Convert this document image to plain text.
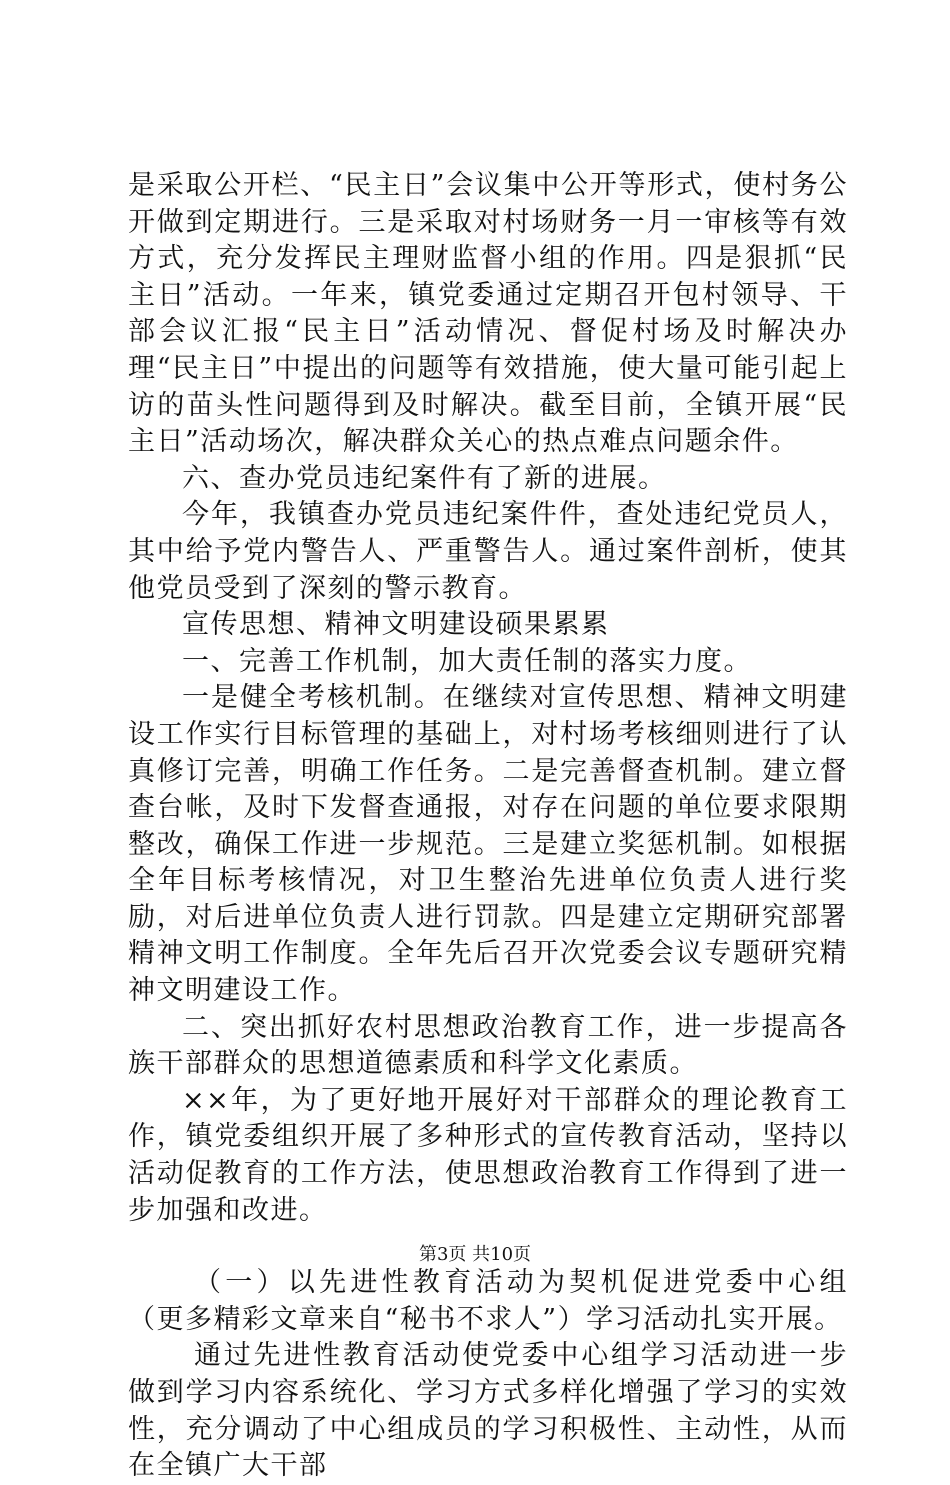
是采取公开栏、“民主日”会议集中公开等形式，使村务公开做到定期进行。三是采取对村场财务一月一审核等有效方式，充分发挥民主理财监督小组的作用。四是狠抓“民主日”活动。一年来，镇党委通过定期召开包村领导、干部会议汇报“民主日”活动情况、督促村场及时解决办理“民主日”中提出的问题等有效措施，使大量可能引起上访的苗头性问题得到及时解决。截至目前，全镇开展“民主日”活动场次，解决群众关心的热点难点问题余件。

六、查办党员违纪案件有了新的进展。

今年，我镇查办党员违纪案件件，查处违纪党员人，其中给予党内警告人、严重警告人。通过案件剖析，使其他党员受到了深刻的警示教育。

宣传思想、精神文明建设硕果累累

一、完善工作机制，加大责任制的落实力度。

一是健全考核机制。在继续对宣传思想、精神文明建设工作实行目标管理的基础上，对村场考核细则进行了认真修订完善，明确工作任务。二是完善督查机制。建立督查台帐，及时下发督查通报，对存在问题的单位要求限期整改，确保工作进一步规范。三是建立奖惩机制。如根据全年目标考核情况，对卫生整治先进单位负责人进行奖励，对后进单位负责人进行罚款。四是建立定期研究部署精神文明工作制度。全年先后召开次党委会议专题研究精神文明建设工作。

二、突出抓好农村思想政治教育工作，进一步提高各族干部群众的思想道德素质和科学文化素质。

××年，为了更好地开展好对干部群众的理论教育工作，镇党委组织开展了多种形式的宣传教育活动，坚持以活动促教育的工作方法，使思想政治教育工作得到了进一步加强和改进。

（一）以先进性教育活动为契机促进党委中心组（更多精彩文章来自“秘书不求人”）学习活动扎实开展。

通过先进性教育活动使党委中心组学习活动进一步做到学习内容系统化、学习方式多样化增强了学习的实效性，充分调动了中心组成员的学习积极性、主动性，从而在全镇广大干部

第3页 共10页
